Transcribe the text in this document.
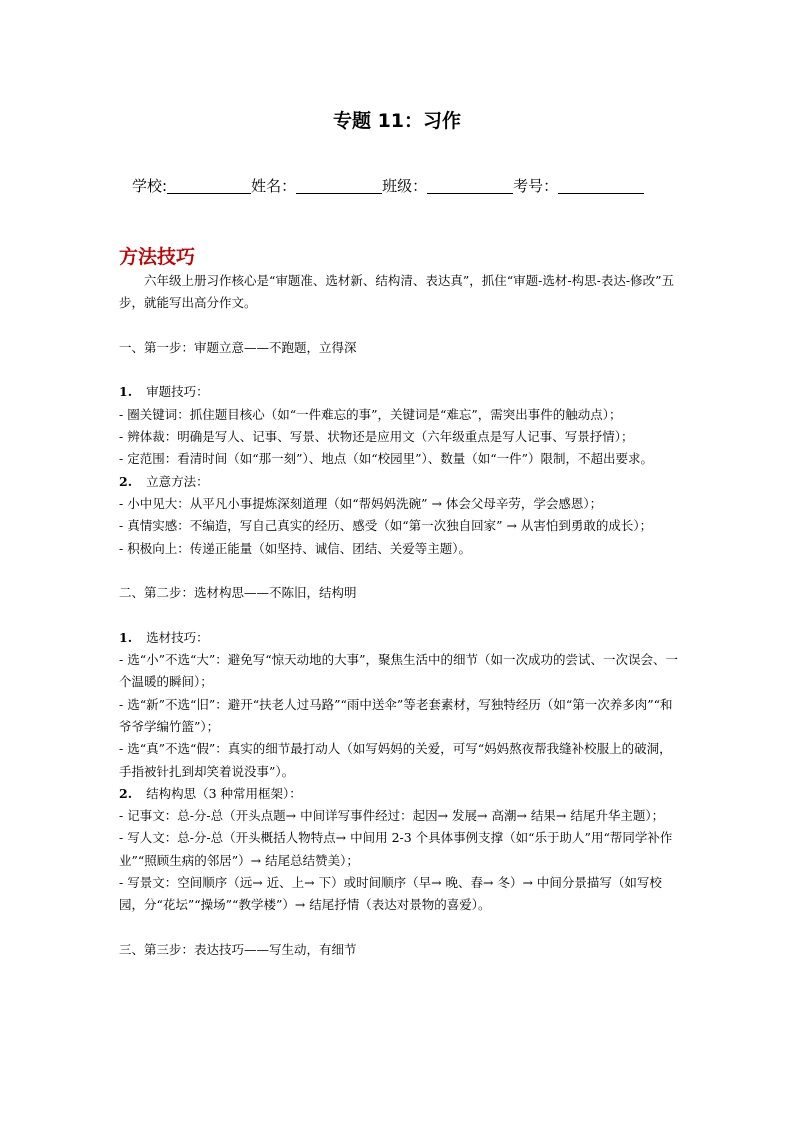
专题 11：习作
学校:	姓名：	班级：	考号：
方法技巧

六年级上册习作核心是“审题准、选材新、结构清、表达真”，抓住“审题-选材-构思-表达-修改”五步，就能写出高分作文。

一、第一步：审题立意——不跑题，立得深

1. 审题技巧：

- 圈关键词：抓住题目核心（如“一件难忘的事”，关键词是“难忘”，需突出事件的触动点）；

- 辨体裁：明确是写人、记事、写景、状物还是应用文（六年级重点是写人记事、写景抒情）；

- 定范围：看清时间（如“那一刻”）、地点（如“校园里”）、数量（如“一件”）限制，不超出要求。

2. 立意方法：

- 小中见大：从平凡小事提炼深刻道理（如“帮妈妈洗碗” → 体会父母辛劳，学会感恩）；

- 真情实感：不编造，写自己真实的经历、感受（如“第一次独自回家” → 从害怕到勇敢的成长）；

- 积极向上：传递正能量（如坚持、诚信、团结、关爱等主题）。

二、第二步：选材构思——不陈旧，结构明

1. 选材技巧：

- 选“小”不选“大”：避免写“惊天动地的大事”，聚焦生活中的细节（如一次成功的尝试、一次误会、一个温暖的瞬间）；

- 选“新”不选“旧”：避开“扶老人过马路”“雨中送伞”等老套素材，写独特经历（如“第一次养多肉”“和爷爷学编竹篮”）；

- 选“真”不选“假”：真实的细节最打动人（如写妈妈的关爱，可写“妈妈熬夜帮我缝补校服上的破洞，手指被针扎到却笑着说没事”）。

2. 结构构思（3 种常用框架）：

- 记事文：总-分-总（开头点题→ 中间详写事件经过：起因→ 发展→ 高潮→ 结果→ 结尾升华主题）；

- 写人文：总-分-总（开头概括人物特点→ 中间用 2-3 个具体事例支撑（如“乐于助人”用“帮同学补作业”“照顾生病的邻居”）→ 结尾总结赞美）；

- 写景文：空间顺序（远→ 近、上→ 下）或时间顺序（早→ 晚、春→ 冬）→ 中间分景描写（如写校园，分“花坛”“操场”“教学楼”）→ 结尾抒情（表达对景物的喜爱）。

三、第三步：表达技巧——写生动，有细节
